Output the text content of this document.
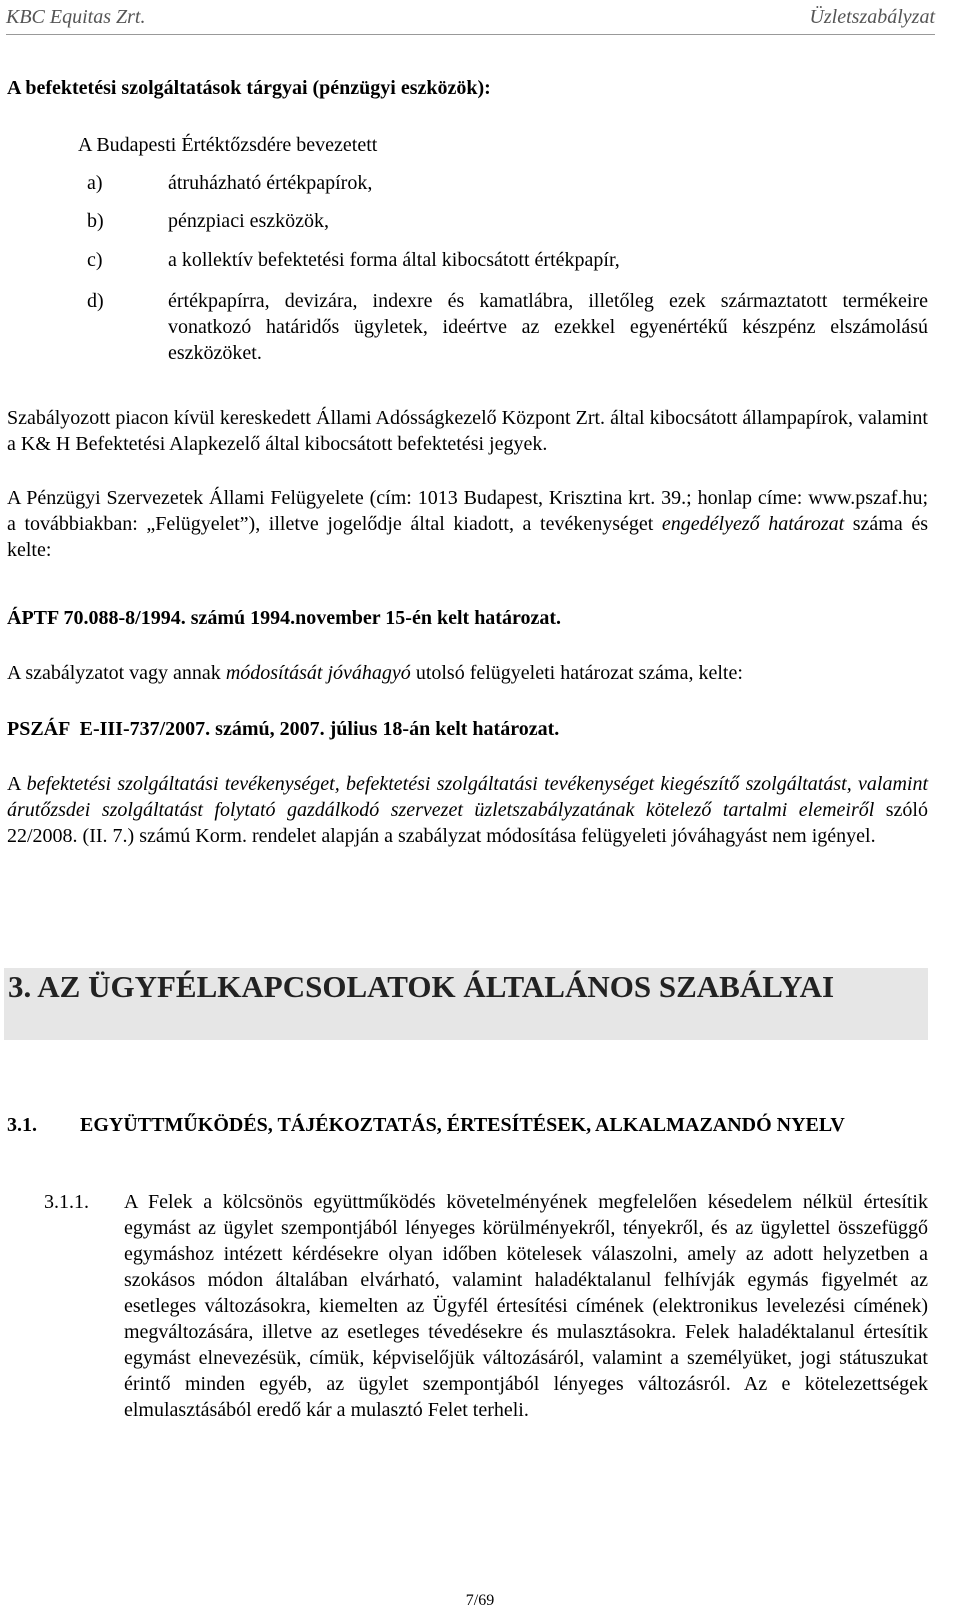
KBC Equitas Zrt.	Üzletszabályzat
A befektetési szolgáltatások tárgyai (pénzügyi eszközök):
A Budapesti Értéktőzsdére bevezetett
a)	átruházható értékpapírok,
b)	pénzpiaci eszközök,
c)	a kollektív befektetési forma által kibocsátott értékpapír,
d)	értékpapírra, devizára, indexre és kamatlábra, illetőleg ezek származtatott termékeire vonatkozó határidős ügyletek, ideértve az ezekkel egyenértékű készpénz elszámolású eszközöket.
Szabályozott piacon kívül kereskedett Állami Adósságkezelő Központ Zrt. által kibocsátott állampapírok, valamint a K& H Befektetési Alapkezelő által kibocsátott befektetési jegyek.
A Pénzügyi Szervezetek Állami Felügyelete (cím: 1013 Budapest, Krisztina krt. 39.; honlap címe: www.pszaf.hu; a továbbiakban: „Felügyelet”), illetve jogelődje által kiadott, a tevékenységet engedélyező határozat száma és kelte:
ÁPTF 70.088-8/1994. számú 1994.november 15-én kelt határozat.
A szabályzatot vagy annak módosítását jóváhagyó utolsó felügyeleti határozat száma, kelte:
PSZÁF  E-III-737/2007. számú, 2007. július 18-án kelt határozat.
A befektetési szolgáltatási tevékenységet, befektetési szolgáltatási tevékenységet kiegészítő szolgáltatást, valamint árutőzsdei szolgáltatást folytató gazdálkodó szervezet üzletszabályzatának kötelező tartalmi elemeiről szóló 22/2008. (II. 7.) számú Korm. rendelet alapján a szabályzat módosítása felügyeleti jóváhagyást nem igényel.
3. AZ ÜGYFÉLKAPCSOLATOK ÁLTALÁNOS SZABÁLYAI
3.1. EGYÜTTMŰKÖDÉS, TÁJÉKOZTATÁS, ÉRTESÍTÉSEK, ALKALMAZANDÓ NYELV
3.1.1. A Felek a kölcsönös együttműködés követelményének megfelelően késedelem nélkül értesítik egymást az ügylet szempontjából lényeges körülményekről, tényekről, és az ügylettel összefüggő egymáshoz intézett kérdésekre olyan időben kötelesek válaszolni, amely az adott helyzetben a szokásos módon általában elvárható, valamint haladéktalanul felhívják egymás figyelmét az esetleges változásokra, kiemelten az Ügyfél értesítési címének (elektronikus levelezési címének) megváltozására, illetve az esetleges tévedésekre és mulasztásokra. Felek haladéktalanul értesítik egymást elnevezésük, címük, képviselőjük változásáról, valamint a személyüket, jogi státuszukat érintő minden egyéb, az ügylet szempontjából lényeges változásról. Az e kötelezettségek elmulasztásából eredő kár a mulasztó Felet terheli.
7/69
